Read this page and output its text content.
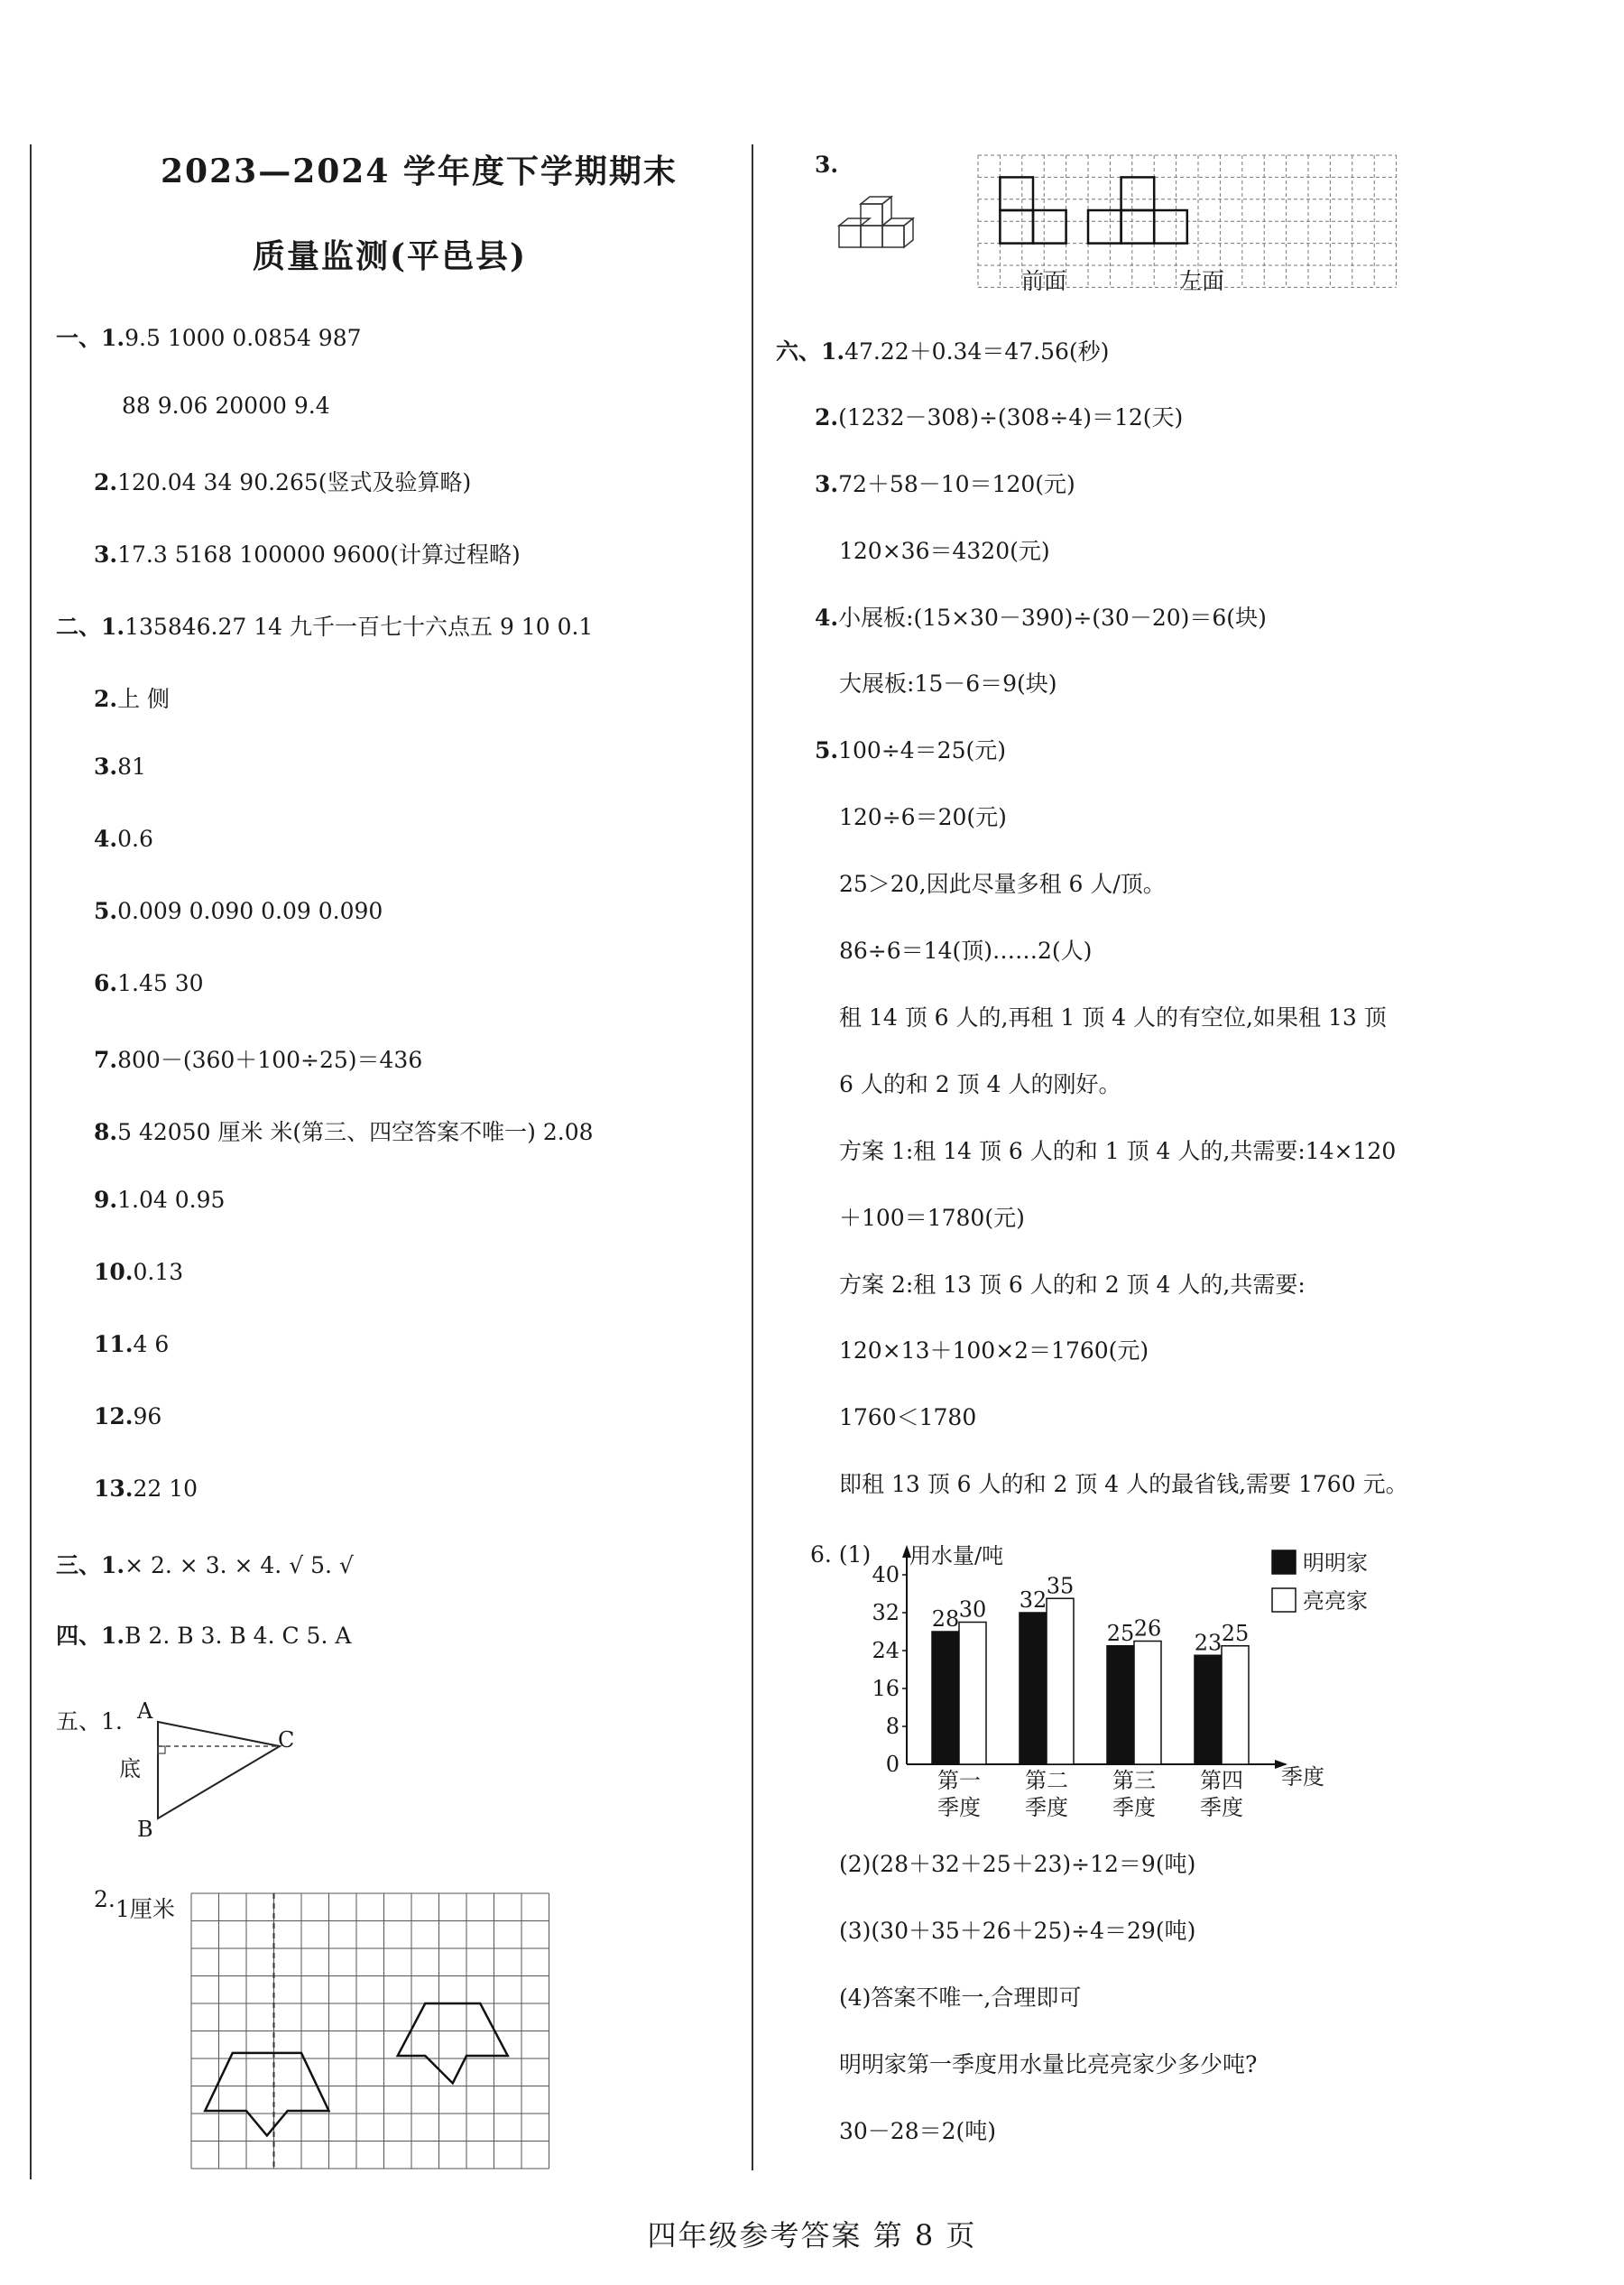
2023—2024 学年度下学期期末
质量监测(平邑县)
一、1.9.5 1000 0.0854 987
88 9.06 20000 9.4
2.120.04 34 90.265(竖式及验算略)
3.17.3 5168 100000 9600(计算过程略)
二、1.135846.27 14 九千一百七十六点五 9 10 0.1
2.上 侧
3.81
4.0.6
5.0.009 0.090 0.09 0.090
6.1.45 30
7.800－(360＋100÷25)＝436
8.5 42050 厘米 米(第三、四空答案不唯一) 2.08
9.1.04 0.95
10.0.13
11.4 6
12.96
13.22 10
三、1.× 2. × 3. × 4. √ 5. √
四、1.B 2. B 3. B 4. C 5. A
五、1. A
C
B
底
2. 1厘米
3.
前面	左面
六、1.47.22＋0.34＝47.56(秒)
2.(1232－308)÷(308÷4)＝12(天)
3.72＋58－10＝120(元)
120×36＝4320(元)
4.小展板:(15×30－390)÷(30－20)＝6(块)
大展板:15－6＝9(块)
5.100÷4＝25(元)
120÷6＝20(元)
25＞20,因此尽量多租 6 人/顶。
86÷6＝14(顶)……2(人)
租 14 顶 6 人的,再租 1 顶 4 人的有空位,如果租 13 顶
6 人的和 2 顶 4 人的刚好。
方案 1:租 14 顶 6 人的和 1 顶 4 人的,共需要:14×120
＋100＝1780(元)
方案 2:租 13 顶 6 人的和 2 顶 4 人的,共需要:
120×13＋100×2＝1760(元)
1760＜1780
即租 13 顶 6 人的和 2 顶 4 人的最省钱,需要 1760 元。
6. (1) 用水量/吨
季度
0
8
16
24
32
40
28 30
第一
季度
32
35
第二
季度
25 26
第三
季度
23 25
第四
季度
明明家
亮亮家
(2)(28＋32＋25＋23)÷12＝9(吨)
(3)(30＋35＋26＋25)÷4＝29(吨)
(4)答案不唯一,合理即可
明明家第一季度用水量比亮亮家少多少吨?
30－28＝2(吨)
四年级参考答案 第 8 页
